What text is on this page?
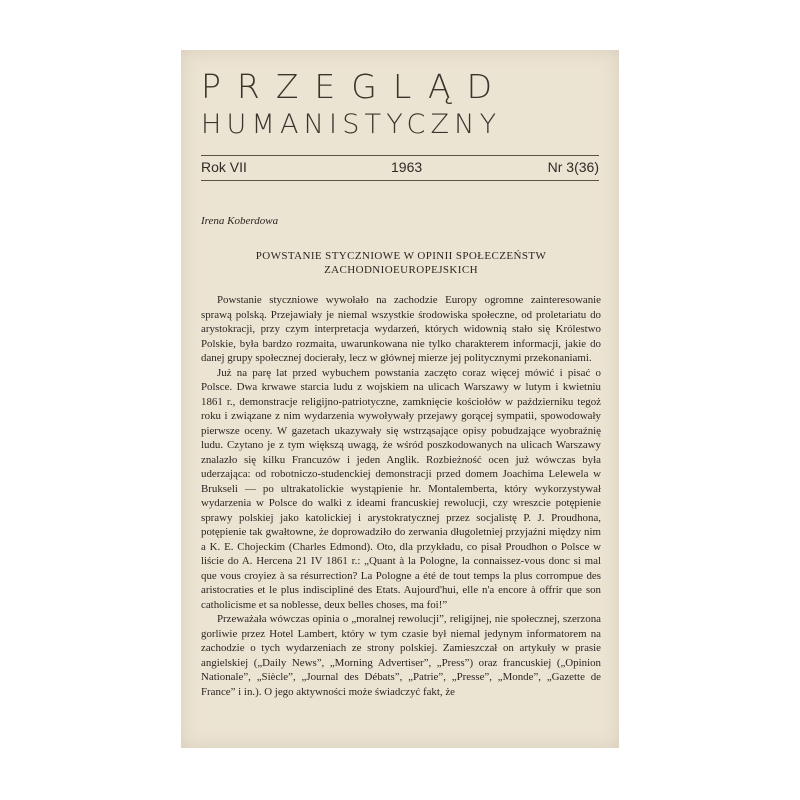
PRZEGLĄD
HUMANISTYCZNY
Rok VII	1963	Nr 3(36)

Irena Koberdowa

POWSTANIE STYCZNIOWE W OPINII SPOŁECZEŃSTW ZACHODNIOEUROPEJSKICH

Powstanie styczniowe wywołało na zachodzie Europy ogromne zainteresowanie sprawą polską. Przejawiały je niemal wszystkie środowiska społeczne, od proletariatu do arystokracji, przy czym interpretacja wydarzeń, których widownią stało się Królestwo Polskie, była bardzo rozmaita, uwarunkowana nie tylko charakterem informacji, jakie do danej grupy społecznej docierały, lecz w głównej mierze jej politycznymi przekonaniami.

Już na parę lat przed wybuchem powstania zaczęto coraz więcej mówić i pisać o Polsce. Dwa krwawe starcia ludu z wojskiem na ulicach Warszawy w lutym i kwietniu 1861 r., demonstracje religijno-patriotyczne, zamknięcie kościołów w październiku tegoż roku i związane z nim wydarzenia wywoływały przejawy gorącej sympatii, spowodowały pierwsze oceny. W gazetach ukazywały się wstrząsające opisy pobudzające wyobraźnię ludu. Czytano je z tym większą uwagą, że wśród poszkodowanych na ulicach Warszawy znalazło się kilku Francuzów i jeden Anglik. Rozbieżność ocen już wówczas była uderzająca: od robotniczo-studenckiej demonstracji przed domem Joachima Lelewela w Brukseli — po ultrakatolickie wystąpienie hr. Montalemberta, który wykorzystywał wydarzenia w Polsce do walki z ideami francuskiej rewolucji, czy wreszcie potępienie sprawy polskiej jako katolickiej i arystokratycznej przez socjalistę P. J. Proudhona, potępienie tak gwałtowne, że doprowadziło do zerwania długoletniej przyjaźni między nim a K. E. Chojeckim (Charles Edmond). Oto, dla przykładu, co pisał Proudhon o Polsce w liście do A. Hercena 21 IV 1861 r.: „Quant à la Pologne, la connaissez-vous donc si mal que vous croyiez à sa résurrection? La Pologne a été de tout temps la plus corrompue des aristocraties et le plus indiscipliné des Etats. Aujourd'hui, elle n'a encore à offrir que son catholicisme et sa noblesse, deux belles choses, ma foi!”

Przeważała wówczas opinia o „moralnej rewolucji”, religijnej, nie społecznej, szerzona gorliwie przez Hotel Lambert, który w tym czasie był niemal jedynym informatorem na zachodzie o tych wydarzeniach ze strony polskiej. Zamieszczał on artykuły w prasie angielskiej („Daily News”, „Morning Advertiser”, „Press”) oraz francuskiej („Opinion Nationale”, „Siècle”, „Journal des Débats”, „Patrie”, „Presse”, „Monde”, „Gazette de France” i in.). O jego aktywności może świadczyć fakt, że
